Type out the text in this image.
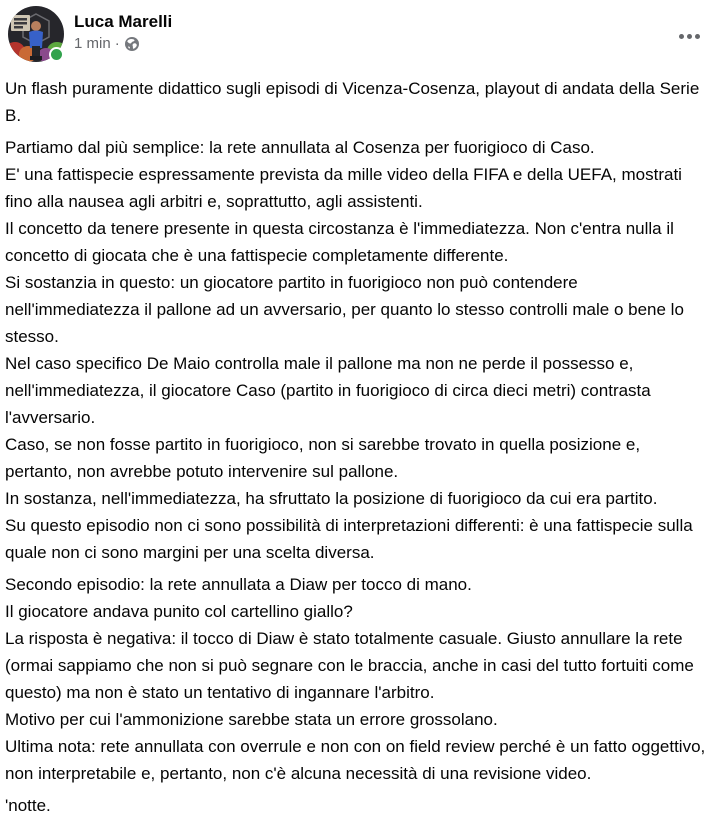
Luca Marelli
1 min ·
Un flash puramente didattico sugli episodi di Vicenza-Cosenza, playout di andata della Serie B.
Partiamo dal più semplice: la rete annullata al Cosenza per fuorigioco di Caso.
E' una fattispecie espressamente prevista da mille video della FIFA e della UEFA, mostrati fino alla nausea agli arbitri e, soprattutto, agli assistenti.
Il concetto da tenere presente in questa circostanza è l'immediatezza. Non c'entra nulla il concetto di giocata che è una fattispecie completamente differente.
Si sostanzia in questo: un giocatore partito in fuorigioco non può contendere nell'immediatezza il pallone ad un avversario, per quanto lo stesso controlli male o bene lo stesso.
Nel caso specifico De Maio controlla male il pallone ma non ne perde il possesso e, nell'immediatezza, il giocatore Caso (partito in fuorigioco di circa dieci metri) contrasta l'avversario.
Caso, se non fosse partito in fuorigioco, non si sarebbe trovato in quella posizione e, pertanto, non avrebbe potuto intervenire sul pallone.
In sostanza, nell'immediatezza, ha sfruttato la posizione di fuorigioco da cui era partito.
Su questo episodio non ci sono possibilità di interpretazioni differenti: è una fattispecie sulla quale non ci sono margini per una scelta diversa.
Secondo episodio: la rete annullata a Diaw per tocco di mano.
Il giocatore andava punito col cartellino giallo?
La risposta è negativa: il tocco di Diaw è stato totalmente casuale. Giusto annullare la rete (ormai sappiamo che non si può segnare con le braccia, anche in casi del tutto fortuiti come questo) ma non è stato un tentativo di ingannare l'arbitro.
Motivo per cui l'ammonizione sarebbe stata un errore grossolano.
Ultima nota: rete annullata con overrule e non con on field review perché è un fatto oggettivo, non interpretabile e, pertanto, non c'è alcuna necessità di una revisione video.
'notte.
